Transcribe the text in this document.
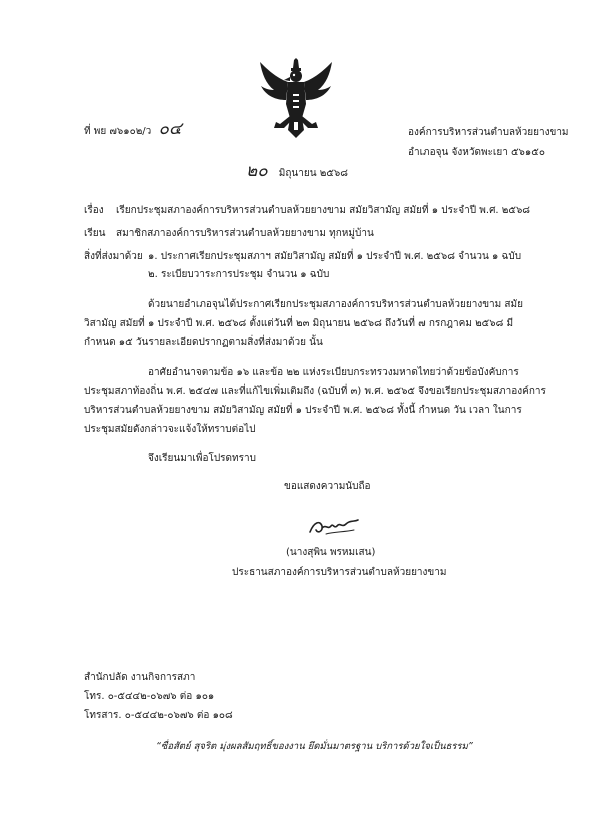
ที่ พย ๗๖๑๐๒/ว ๐๔	องค์การบริหารส่วนตำบลห้วยยางขาม
อำเภอจุน จังหวัดพะเยา ๕๖๑๕๐
๒๐ มิถุนายน ๒๕๖๘
เรื่อง เรียกประชุมสภาองค์การบริหารส่วนตำบลห้วยยางขาม สมัยวิสามัญ สมัยที่ ๑ ประจำปี พ.ศ. ๒๕๖๘
เรียน สมาชิกสภาองค์การบริหารส่วนตำบลห้วยยางขาม ทุกหมู่บ้าน
สิ่งที่ส่งมาด้วย ๑. ประกาศเรียกประชุมสภาฯ สมัยวิสามัญ สมัยที่ ๑ ประจำปี พ.ศ. ๒๕๖๘ จำนวน ๑ ฉบับ
๒. ระเบียบวาระการประชุม จำนวน ๑ ฉบับ
ด้วยนายอำเภอจุนได้ประกาศเรียกประชุมสภาองค์การบริหารส่วนตำบลห้วยยางขาม สมัย
วิสามัญ สมัยที่ ๑ ประจำปี พ.ศ. ๒๕๖๘ ตั้งแต่วันที่ ๒๓ มิถุนายน ๒๕๖๘ ถึงวันที่ ๗ กรกฎาคม ๒๕๖๘ มี
กำหนด ๑๕ วันรายละเอียดปรากฏตามสิ่งที่ส่งมาด้วย นั้น
อาศัยอำนาจตามข้อ ๑๖ และข้อ ๒๒ แห่งระเบียบกระทรวงมหาดไทยว่าด้วยข้อบังคับการ
ประชุมสภาท้องถิ่น พ.ศ. ๒๕๔๗ และที่แก้ไขเพิ่มเติมถึง (ฉบับที่ ๓) พ.ศ. ๒๕๖๕ จึงขอเรียกประชุมสภาองค์การ
บริหารส่วนตำบลห้วยยางขาม สมัยวิสามัญ สมัยที่ ๑ ประจำปี พ.ศ. ๒๕๖๘ ทั้งนี้ กำหนด วัน เวลา ในการ
ประชุมสมัยดังกล่าวจะแจ้งให้ทราบต่อไป
จึงเรียนมาเพื่อโปรดทราบ
ขอแสดงความนับถือ
(นางสุพิน พรหมเสน)
ประธานสภาองค์การบริหารส่วนตำบลห้วยยางขาม
สำนักปลัด งานกิจการสภา
โทร. ๐-๕๔๔๒-๐๖๗๖ ต่อ ๑๐๑
โทรสาร. ๐-๕๔๔๒-๐๖๗๖ ต่อ ๑๐๘
“ซื่อสัตย์ สุจริต มุ่งผลสัมฤทธิ์ของงาน ยึดมั่นมาตรฐาน บริการด้วยใจเป็นธรรม”
